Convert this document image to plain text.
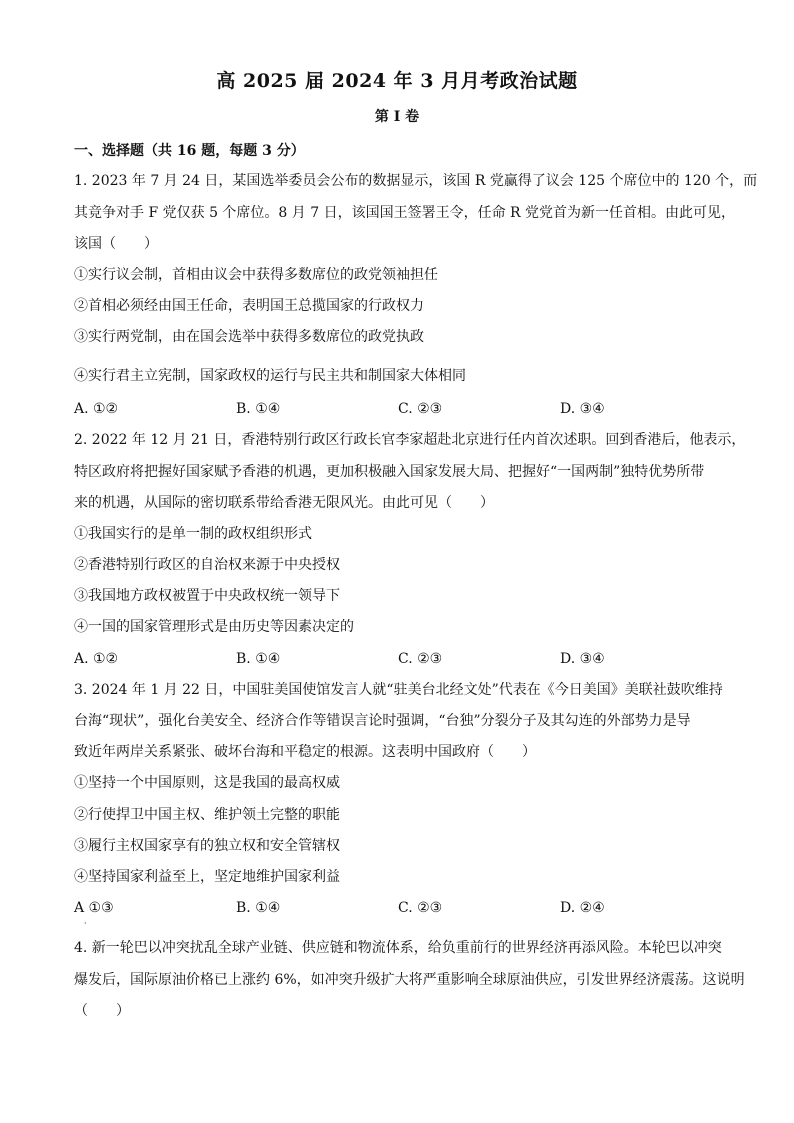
高 2025 届 2024 年 3 月月考政治试题
第 I 卷
一、选择题（共 16 题，每题 3 分）
1. 2023 年 7 月 24 日，某国选举委员会公布的数据显示，该国 R 党赢得了议会 125 个席位中的 120 个，而
其竞争对手 F 党仅获 5 个席位。8 月 7 日，该国国王签署王令，任命 R 党党首为新一任首相。由此可见，
该国（　　）
①实行议会制，首相由议会中获得多数席位的政党领袖担任
②首相必须经由国王任命，表明国王总揽国家的行政权力
③实行两党制，由在国会选举中获得多数席位的政党执政
④实行君主立宪制，国家政权的运行与民主共和制国家大体相同
A. ①②	B. ①④	C. ②③	D. ③④
2. 2022 年 12 月 21 日，香港特别行政区行政长官李家超赴北京进行任内首次述职。回到香港后，他表示，
特区政府将把握好国家赋予香港的机遇，更加积极融入国家发展大局、把握好“一国两制”独特优势所带
来的机遇，从国际的密切联系带给香港无限风光。由此可见（　　）
①我国实行的是单一制的政权组织形式
②香港特别行政区的自治权来源于中央授权
③我国地方政权被置于中央政权统一领导下
④一国的国家管理形式是由历史等因素决定的
A. ①②	B. ①④	C. ②③	D. ③④
3. 2024 年 1 月 22 日，中国驻美国使馆发言人就“驻美台北经文处”代表在《今日美国》美联社鼓吹维持
台海“现状”，强化台美安全、经济合作等错误言论时强调，“台独”分裂分子及其勾连的外部势力是导
致近年两岸关系紧张、破坏台海和平稳定的根源。这表明中国政府（　　）
①坚持一个中国原则，这是我国的最高权威
②行使捍卫中国主权、维护领土完整的职能
③履行主权国家享有的独立权和安全管辖权
④坚持国家利益至上，坚定地维护国家利益
A ①③	B. ①④	C. ②③	D. ②④
·
4. 新一轮巴以冲突扰乱全球产业链、供应链和物流体系，给负重前行的世界经济再添风险。本轮巴以冲突
爆发后，国际原油价格已上涨约 6%，如冲突升级扩大将严重影响全球原油供应，引发世界经济震荡。这说明
（　　）
